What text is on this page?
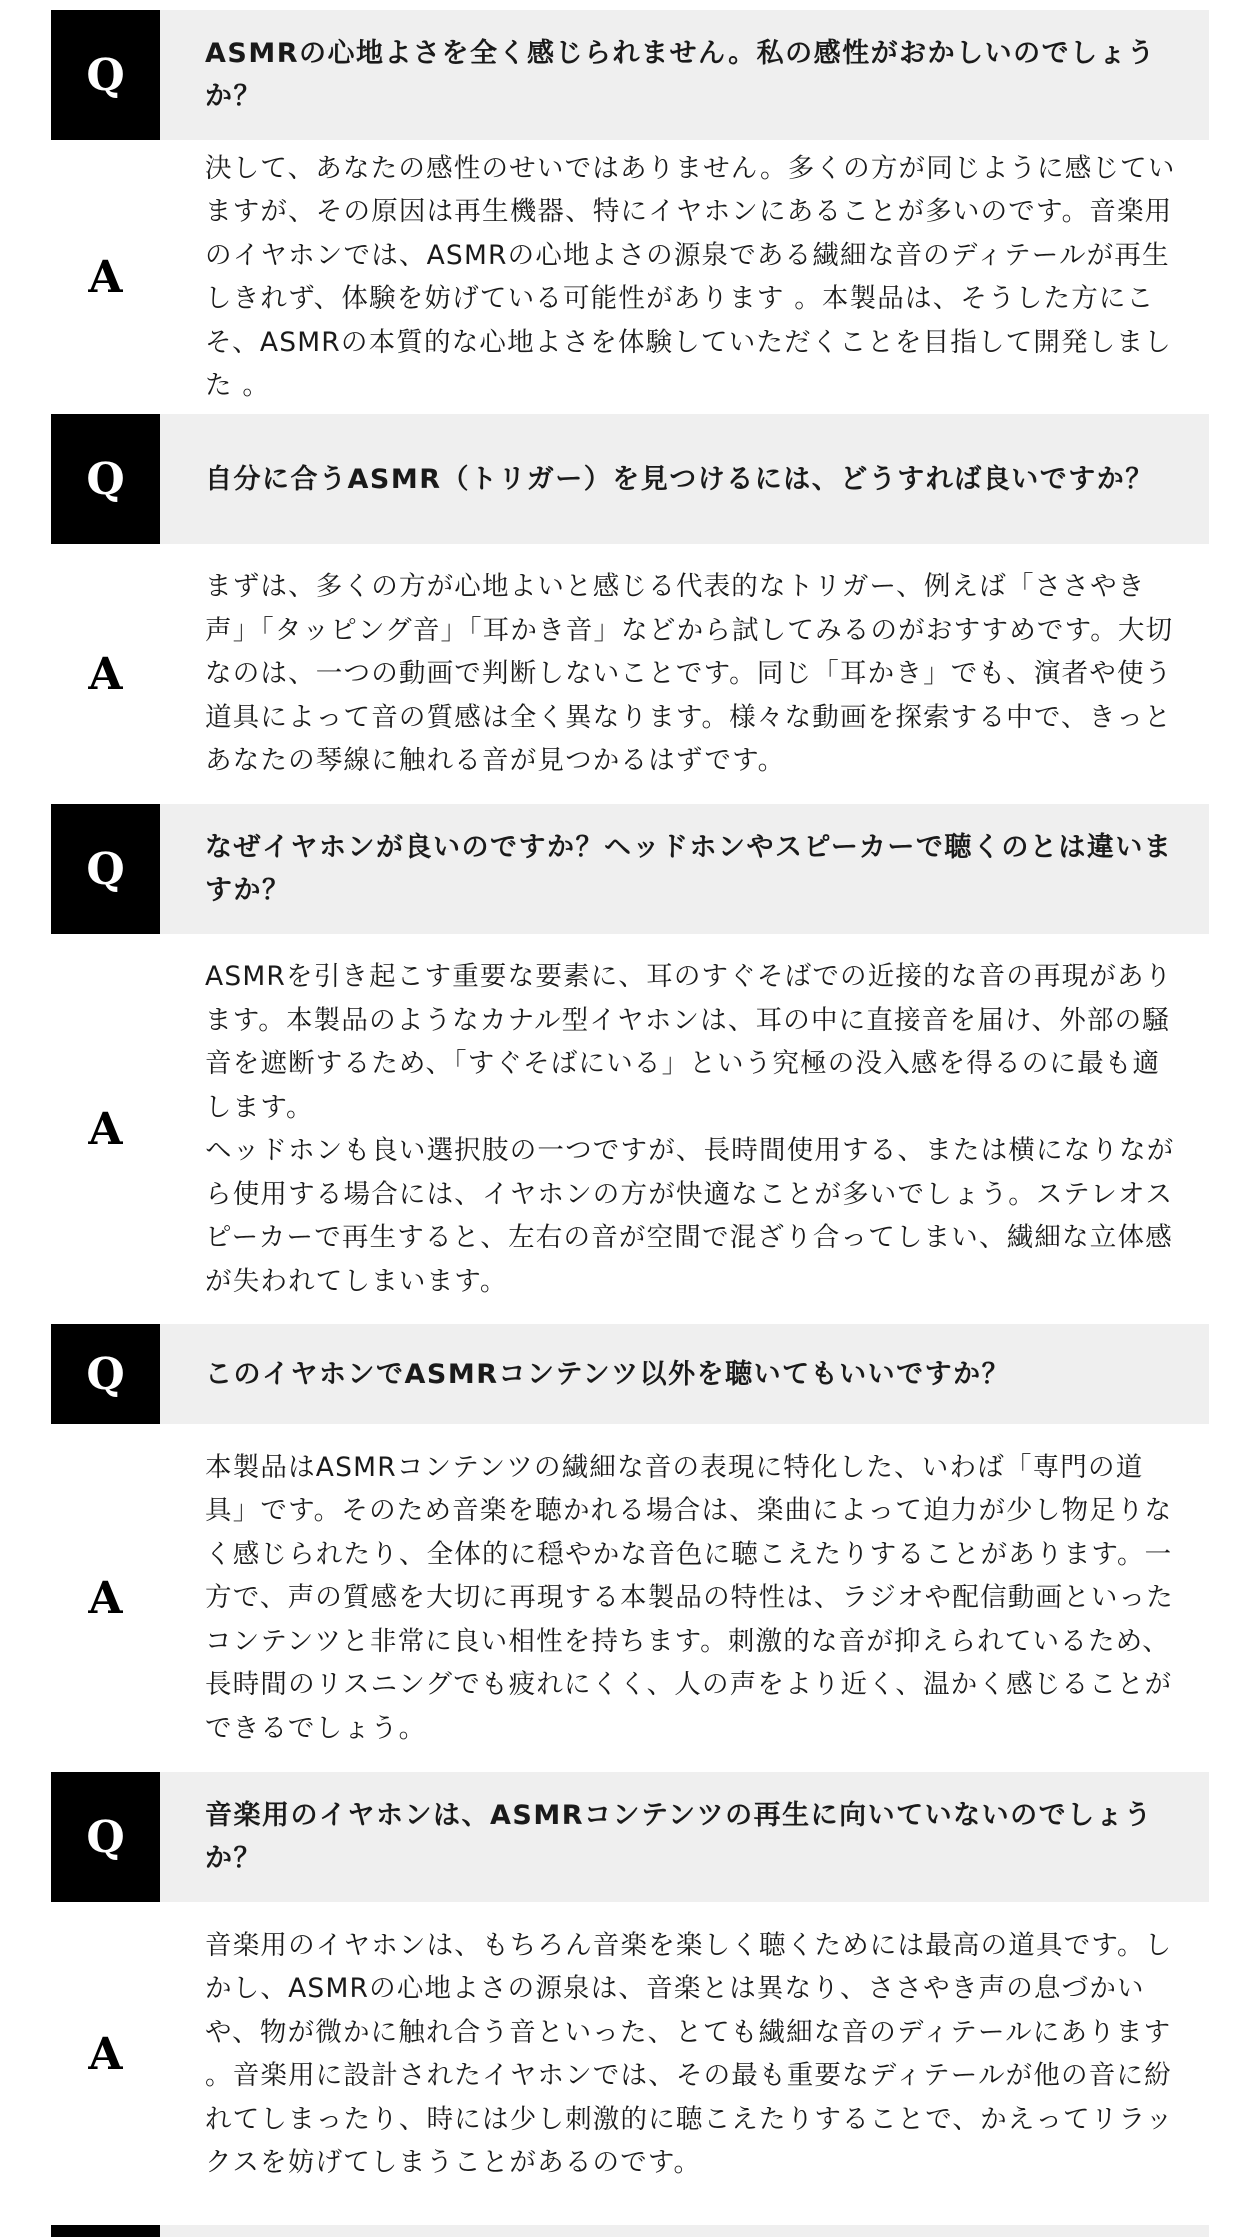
Q	ASMRの心地よさを全く感じられません。私の感性がおかしいのでしょうか？
A
決して、あなたの感性のせいではありません。多くの方が同じように感じていますが、その原因は再生機器、特にイヤホンにあることが多いのです。音楽用のイヤホンでは、ASMRの心地よさの源泉である繊細な音のディテールが再生しきれず、体験を妨げている可能性があります 。本製品は、そうした方にこそ、ASMRの本質的な心地よさを体験していただくことを目指して開発しました 。
Q	自分に合うASMR（トリガー）を見つけるには、どうすれば良いですか？
A
まずは、多くの方が心地よいと感じる代表的なトリガー、例えば「ささやき声」「タッピング音」「耳かき音」などから試してみるのがおすすめです。大切なのは、一つの動画で判断しないことです。同じ「耳かき」でも、演者や使う道具によって音の質感は全く異なります。様々な動画を探索する中で、きっとあなたの琴線に触れる音が見つかるはずです。
Q	なぜイヤホンが良いのですか？ヘッドホンやスピーカーで聴くのとは違いますか？
A
ASMRを引き起こす重要な要素に、耳のすぐそばでの近接的な音の再現があります。本製品のようなカナル型イヤホンは、耳の中に直接音を届け、外部の騒音を遮断するため、「すぐそばにいる」という究極の没入感を得るのに最も適します。
ヘッドホンも良い選択肢の一つですが、長時間使用する、または横になりながら使用する場合には、イヤホンの方が快適なことが多いでしょう。ステレオスピーカーで再生すると、左右の音が空間で混ざり合ってしまい、繊細な立体感が失われてしまいます。
Q	このイヤホンでASMRコンテンツ以外を聴いてもいいですか？
A
本製品はASMRコンテンツの繊細な音の表現に特化した、いわば「専門の道具」です。そのため音楽を聴かれる場合は、楽曲によって迫力が少し物足りなく感じられたり、全体的に穏やかな音色に聴こえたりすることがあります。一方で、声の質感を大切に再現する本製品の特性は、ラジオや配信動画といったコンテンツと非常に良い相性を持ちます。刺激的な音が抑えられているため、長時間のリスニングでも疲れにくく、人の声をより近く、温かく感じることができるでしょう。
Q	音楽用のイヤホンは、ASMRコンテンツの再生に向いていないのでしょうか？
A
音楽用のイヤホンは、もちろん音楽を楽しく聴くためには最高の道具です。しかし、ASMRの心地よさの源泉は、音楽とは異なり、ささやき声の息づかいや、物が微かに触れ合う音といった、とても繊細な音のディテールにあります 。音楽用に設計されたイヤホンでは、その最も重要なディテールが他の音に紛れてしまったり、時には少し刺激的に聴こえたりすることで、かえってリラックスを妨げてしまうことがあるのです。
